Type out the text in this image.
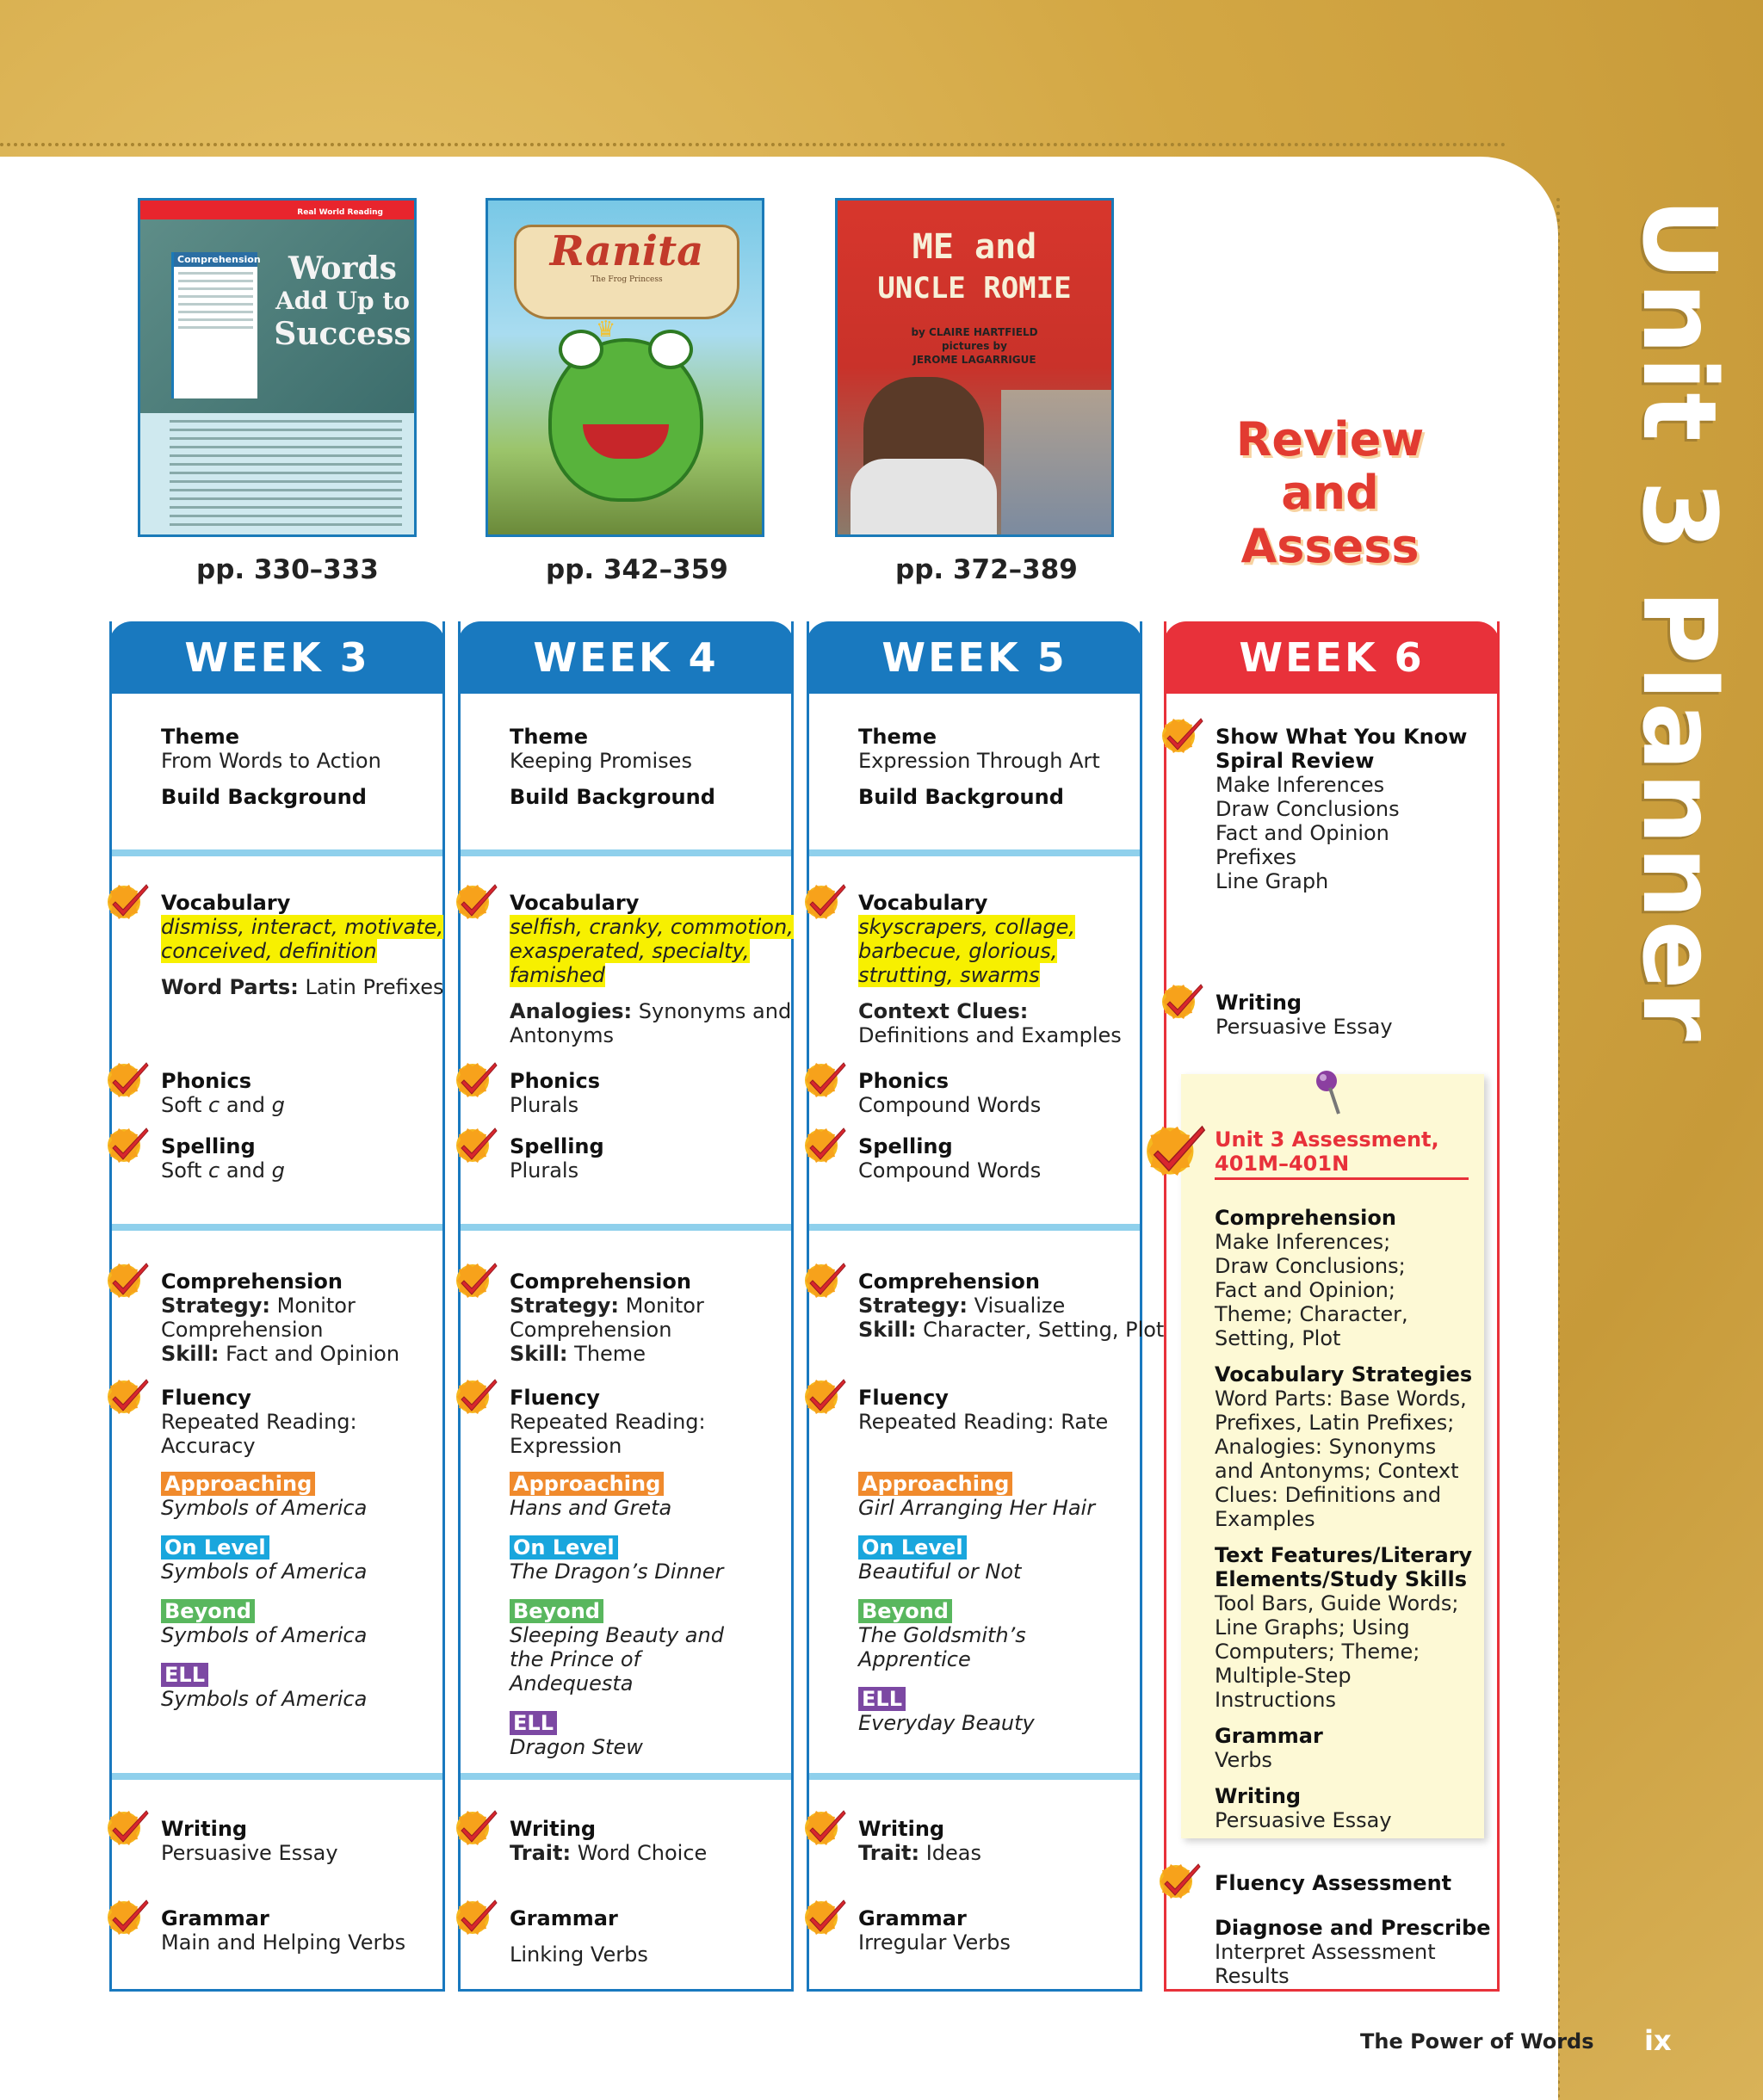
Unit 3 Planner
Real World Reading
Comprehension Words
Add Up to
Success
pp. 330–333
Ranita
The Frog Princess
♛
pp. 342–359
ME and
UNCLE ROMIE
by CLAIRE HARTFIELD
pictures by
JEROME LAGARRIGUE
pp. 372–389
Review
and
Assess
WEEK 3
Theme
From Words to Action
Build Background
Vocabulary
dismiss, interact, motivate, conceived, definition
Word Parts: Latin Prefixes
Phonics
Soft c and g
Spelling
Soft c and g
Comprehension
Strategy: Monitor Comprehension
Skill: Fact and Opinion
Fluency
Repeated Reading: Accuracy
Approaching
Symbols of America
On Level
Symbols of America
Beyond
Symbols of America
ELL
Symbols of America
Writing
Persuasive Essay
Grammar
Main and Helping Verbs
WEEK 4
Theme
Keeping Promises
Build Background
Vocabulary
selfish, cranky, commotion, exasperated, specialty, famished
Analogies: Synonyms and Antonyms
Phonics
Plurals
Spelling
Plurals
Comprehension
Strategy: Monitor Comprehension
Skill: Theme
Fluency
Repeated Reading: Expression
Approaching
Hans and Greta
On Level
The Dragon’s Dinner
Beyond
Sleeping Beauty and the Prince of Andequesta
ELL
Dragon Stew
Writing
Trait: Word Choice
Grammar
Linking Verbs
WEEK 5
Theme
Expression Through Art
Build Background
Vocabulary
skyscrapers, collage, barbecue, glorious, strutting, swarms
Context Clues: Definitions and Examples
Phonics
Compound Words
Spelling
Compound Words
Comprehension
Strategy: Visualize
Skill: Character, Setting, Plot
Fluency
Repeated Reading: Rate
Approaching
Girl Arranging Her Hair
On Level
Beautiful or Not
Beyond
The Goldsmith’s Apprentice
ELL
Everyday Beauty
Writing
Trait: Ideas
Grammar
Irregular Verbs
WEEK 6
Show What You Know
Spiral Review
Make Inferences
Draw Conclusions
Fact and Opinion
Prefixes
Line Graph
Writing
Persuasive Essay
Unit 3 Assessment,
401M–401N
Comprehension
Make Inferences; Draw Conclusions; Fact and Opinion; Theme; Character, Setting, Plot
Vocabulary Strategies
Word Parts: Base Words, Prefixes, Latin Prefixes; Analogies: Synonyms and Antonyms; Context Clues: Definitions and Examples
Text Features/Literary Elements/Study Skills
Tool Bars, Guide Words; Line Graphs; Using Computers; Theme; Multiple-Step Instructions
Grammar
Verbs
Writing
Persuasive Essay
Fluency Assessment
Diagnose and Prescribe
Interpret Assessment Results
The Power of Words ix
